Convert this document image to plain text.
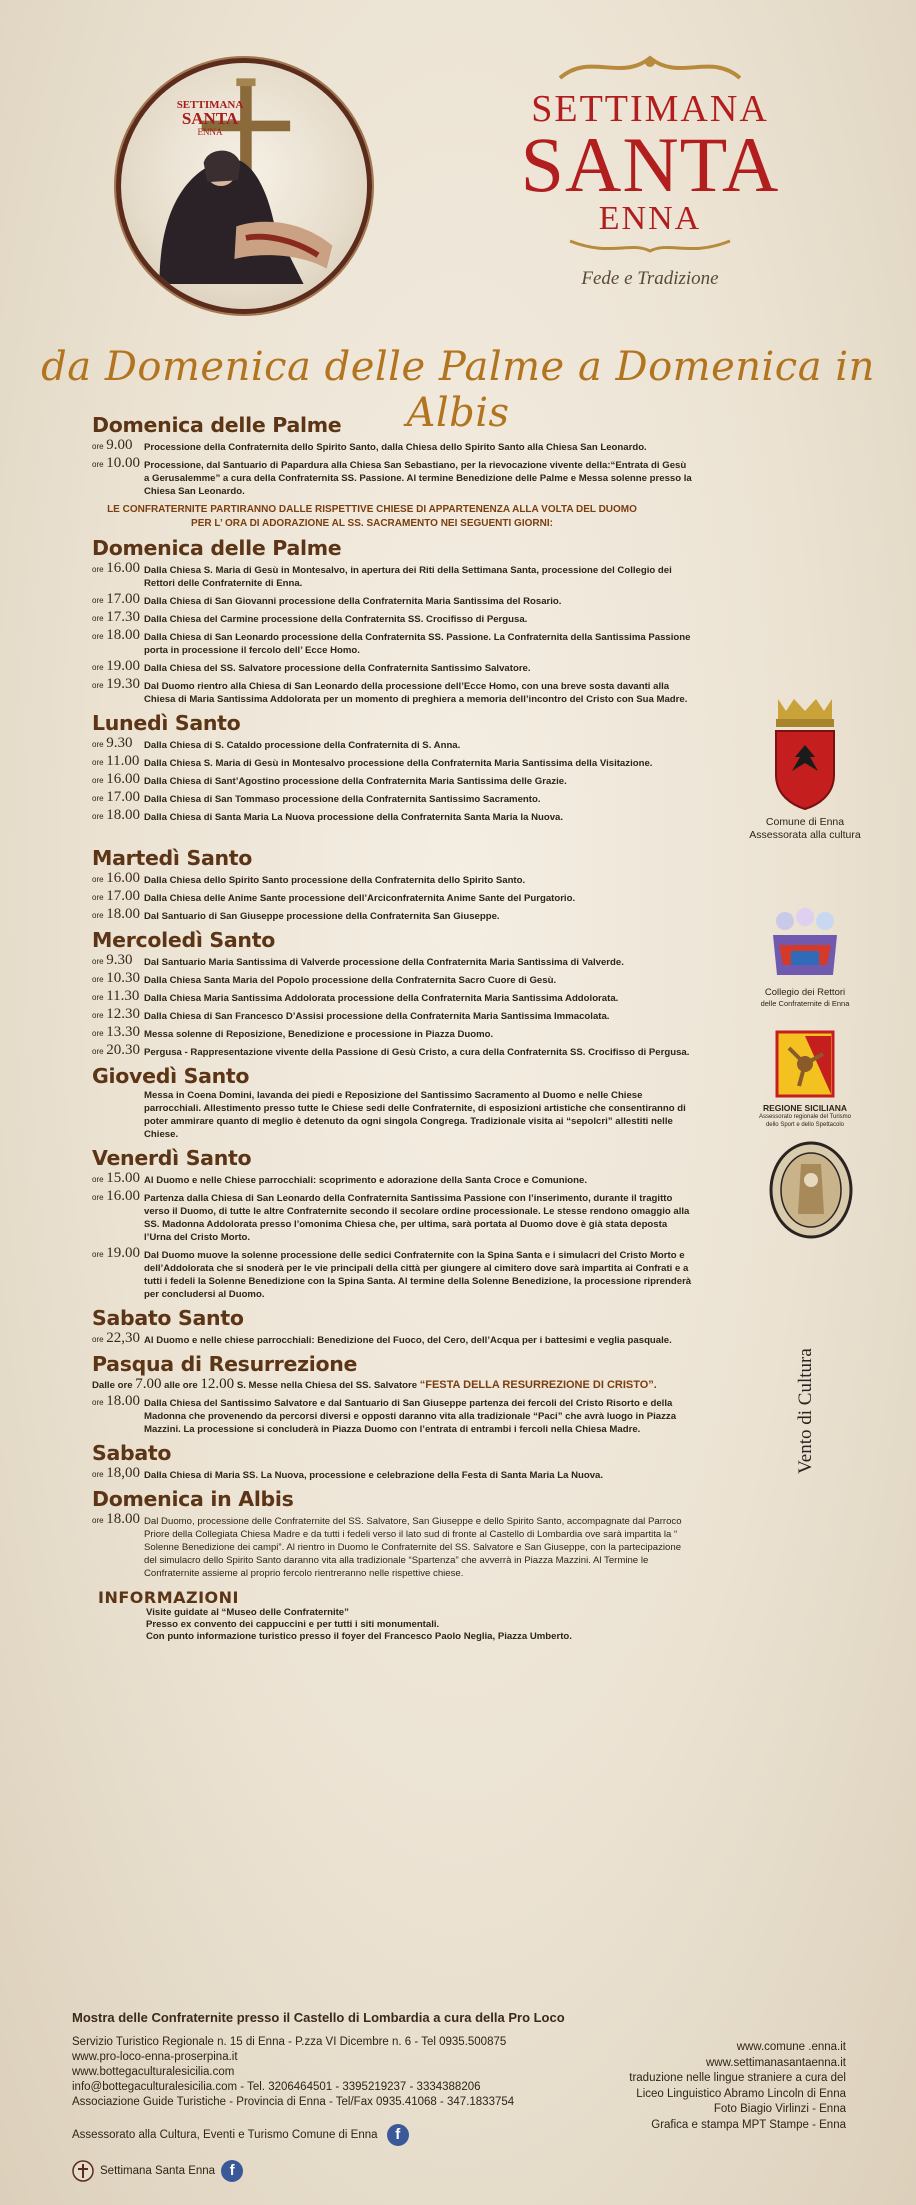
SETTIMANA
SANTA
ENNA
SETTIMANA
SANTA
ENNA
Fede e Tradizione
da Domenica delle Palme a Domenica in Albis
Domenica delle Palme
ore 9.00	Processione della Confraternita dello Spirito Santo, dalla Chiesa dello Spirito Santo alla Chiesa San Leonardo.
ore 10.00 Processione, dal Santuario di Papardura alla Chiesa San Sebastiano, per la rievocazione vivente della:“Entrata di Gesù a Gerusalemme” a cura della Confraternita SS. Passione. Al termine Benedizione delle Palme e Messa solenne presso la Chiesa San Leonardo.
LE CONFRATERNITE PARTIRANNO DALLE RISPETTIVE CHIESE DI APPARTENENZA ALLA VOLTA DEL DUOMO
PER L’ ORA DI ADORAZIONE AL SS. SACRAMENTO NEI SEGUENTI GIORNI:
Domenica delle Palme
ore 16.00 Dalla Chiesa S. Maria di Gesù in Montesalvo, in apertura dei Riti della Settimana Santa, processione del Collegio dei Rettori delle Confraternite di Enna.
ore 17.00 Dalla Chiesa di San Giovanni processione della Confraternita Maria Santissima del Rosario.
ore 17.30 Dalla Chiesa del Carmine processione della Confraternita SS. Crocifisso di Pergusa.
ore 18.00 Dalla Chiesa di San Leonardo processione della Confraternita SS. Passione. La Confraternita della Santissima Passione porta in processione il fercolo dell’ Ecce Homo.
ore 19.00 Dalla Chiesa del SS. Salvatore processione della Confraternita Santissimo Salvatore.
ore 19.30 Dal Duomo rientro alla Chiesa di San Leonardo della processione dell’Ecce Homo, con una breve sosta davanti alla Chiesa di Maria Santissima Addolorata per un momento di preghiera a memoria dell’incontro del Cristo con Sua Madre.
Lunedì Santo
ore 9.30	Dalla Chiesa di S. Cataldo processione della Confraternita di S. Anna.
ore 11.00 Dalla Chiesa S. Maria di Gesù in Montesalvo processione della Confraternita Maria Santissima della Visitazione.
ore 16.00 Dalla Chiesa di Sant’Agostino processione della Confraternita Maria Santissima delle Grazie.
ore 17.00 Dalla Chiesa di San Tommaso processione della Confraternita Santissimo Sacramento.
ore 18.00 Dalla Chiesa di Santa Maria La Nuova processione della Confraternita Santa Maria la Nuova.
Martedì Santo
ore 16.00 Dalla Chiesa dello Spirito Santo processione della Confraternita dello Spirito Santo.
ore 17.00 Dalla Chiesa delle Anime Sante processione dell’Arciconfraternita Anime Sante del Purgatorio.
ore 18.00 Dal Santuario di San Giuseppe processione della Confraternita San Giuseppe.
Mercoledì Santo
ore 9.30	Dal Santuario Maria Santissima di Valverde processione della Confraternita Maria Santissima di Valverde.
ore 10.30 Dalla Chiesa Santa Maria del Popolo processione della Confraternita Sacro Cuore di Gesù.
ore 11.30 Dalla Chiesa Maria Santissima Addolorata processione della Confraternita Maria Santissima Addolorata.
ore 12.30 Dalla Chiesa di San Francesco D’Assisi processione della Confraternita Maria Santissima Immacolata.
ore 13.30 Messa solenne di Reposizione, Benedizione e processione in Piazza Duomo.
ore 20.30 Pergusa - Rappresentazione vivente della Passione di Gesù Cristo, a cura della Confraternita SS. Crocifisso di Pergusa.
Giovedì Santo
Messa in Coena Domini, lavanda dei piedi e Reposizione del Santissimo Sacramento al Duomo e nelle Chiese parrocchiali. Allestimento presso tutte le Chiese sedi delle Confraternite, di esposizioni artistiche che consentiranno di poter ammirare quanto di meglio è detenuto da ogni singola Congrega. Tradizionale visita ai “sepolcri” allestiti nelle Chiese.
Venerdì Santo
ore 15.00 Al Duomo e nelle Chiese parrocchiali: scoprimento e adorazione della Santa Croce e Comunione.
ore 16.00 Partenza dalla Chiesa di San Leonardo della Confraternita Santissima Passione con l’inserimento, durante il tragitto verso il Duomo, di tutte le altre Confraternite secondo il secolare ordine processionale. Le stesse rendono omaggio alla SS. Madonna Addolorata presso l’omonima Chiesa che, per ultima, sarà portata al Duomo dove è già stata deposta l’Urna del Cristo Morto.
ore 19.00 Dal Duomo muove la solenne processione delle sedici Confraternite con la Spina Santa e i simulacri del Cristo Morto e dell’Addolorata che si snoderà per le vie principali della città per giungere al cimitero dove sarà impartita ai Confrati e a tutti i fedeli la Solenne Benedizione con la Spina Santa. Al termine della Solenne Benedizione, la processione riprenderà per concludersi al Duomo.
Sabato Santo
ore 22,30 Al Duomo e nelle chiese parrocchiali: Benedizione del Fuoco, del Cero, dell’Acqua per i battesimi e veglia pasquale.
Pasqua di Resurrezione
Dalle ore 7.00 alle ore 12.00 S. Messe nella Chiesa del SS. Salvatore “FESTA DELLA RESURREZIONE DI CRISTO”.
ore 18.00 Dalla Chiesa del Santissimo Salvatore e dal Santuario di San Giuseppe partenza dei fercoli del Cristo Risorto e della Madonna che provenendo da percorsi diversi e opposti daranno vita alla tradizionale “Paci” che avrà luogo in Piazza Mazzini. La processione si concluderà in Piazza Duomo con l’entrata di entrambi i fercoli nella Chiesa Madre.
Sabato
ore 18,00 Dalla Chiesa di Maria SS. La Nuova, processione e celebrazione della Festa di Santa Maria La Nuova.
Domenica in Albis
ore 18.00 Dal Duomo, processione delle Confraternite del SS. Salvatore, San Giuseppe e dello Spirito Santo, accompagnate dal Parroco Priore della Collegiata Chiesa Madre e da tutti i fedeli verso il lato sud di fronte al Castello di Lombardia ove sarà impartita la “ Solenne Benedizione dei campi”. Al rientro in Duomo le Confraternite del SS. Salvatore e San Giuseppe, con la partecipazione del simulacro dello Spirito Santo daranno vita alla tradizionale “Spartenza” che avverrà in Piazza Mazzini. Al Termine le Confraternite assieme al proprio fercolo rientreranno nelle rispettive chiese.
INFORMAZIONI
Visite guidate al “Museo delle Confraternite”
Presso ex convento dei cappuccini e per tutti i siti monumentali.
Con punto informazione turistico presso il foyer del Francesco Paolo Neglia, Piazza Umberto.
Comune di Enna
Assessorata alla cultura
Collegio dei Rettori
delle Confraternite di Enna
REGIONE SICILIANA
Assessorato regionale del Turismo
dello Sport e dello Spettacolo
Vento di Cultura
Mostra delle Confraternite presso il Castello di Lombardia a cura della Pro Loco
Servizio Turistico Regionale n. 15 di Enna - P.zza VI Dicembre n. 6 - Tel 0935.500875
www.pro-loco-enna-proserpina.it
www.bottegaculturalesicilia.com
info@bottegaculturalesicilia.com - Tel. 3206464501 - 3395219237 - 3334388206
Associazione Guide Turistiche - Provincia di Enna - Tel/Fax 0935.41068 - 347.1833754
Assessorato alla Cultura, Eventi e Turismo Comune di Enna f
Settimana Santa Enna f
www.comune .enna.it
www.settimanasantaenna.it
traduzione nelle lingue straniere a cura del
Liceo Linguistico Abramo Lincoln di Enna
Foto Biagio Virlinzi - Enna
Grafica e stampa MPT Stampe - Enna
